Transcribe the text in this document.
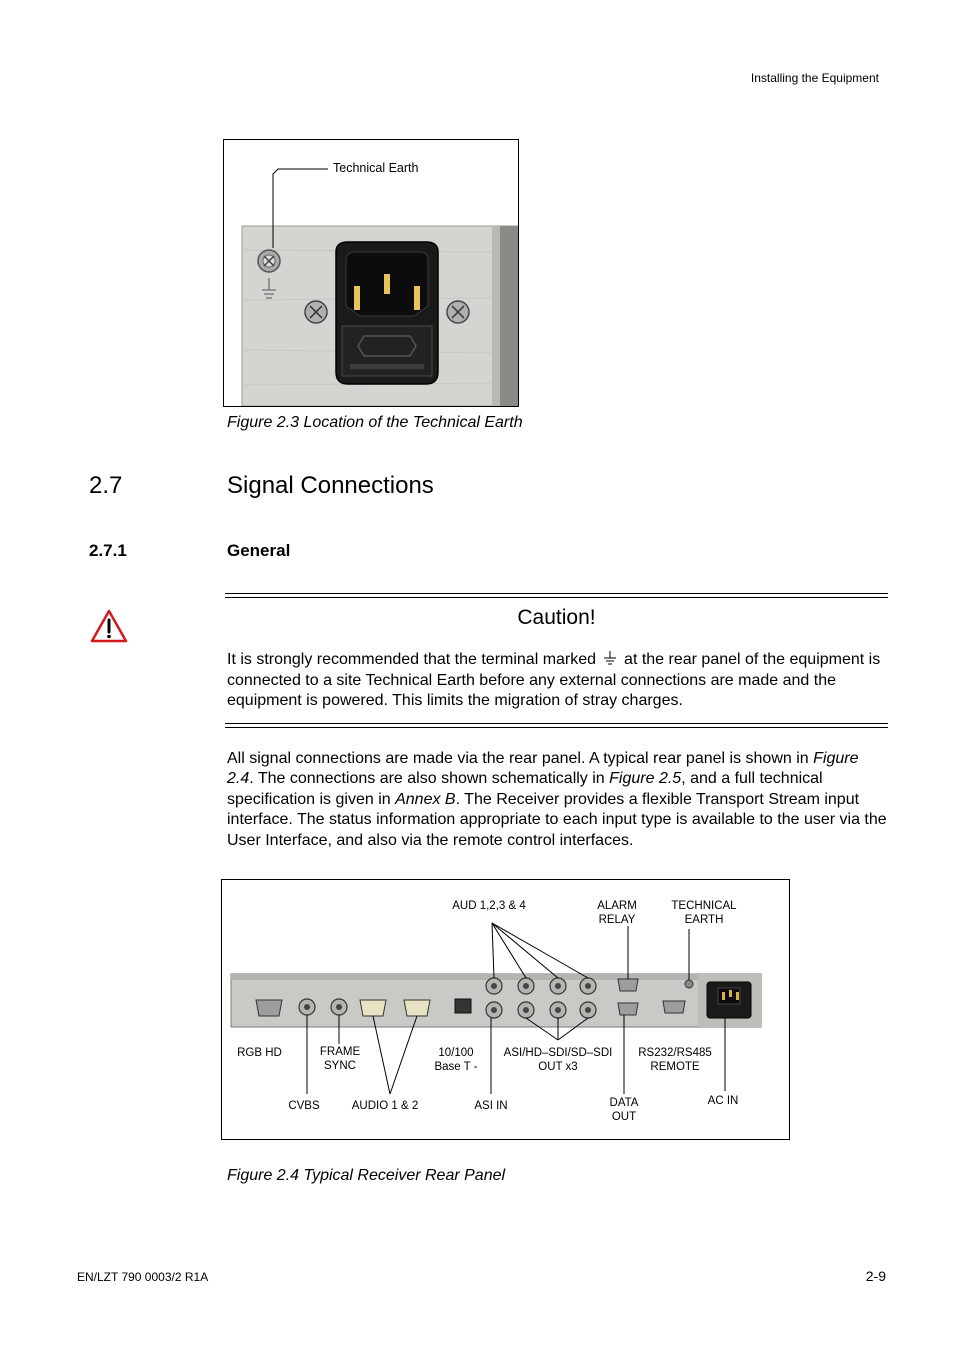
Installing the Equipment
Technical Earth
Figure 2.3 Location of the Technical Earth
2.7	Signal Connections
2.7.1	General
Caution!
It is strongly recommended that the terminal marked at the rear panel of the equipment is connected to a site Technical Earth before any external connections are made and the equipment is powered. This limits the migration of stray charges.
All signal connections are made via the rear panel. A typical rear panel is shown in Figure 2.4. The connections are also shown schematically in Figure 2.5, and a full technical specification is given in Annex B. The Receiver provides a flexible Transport Stream input interface. The status information appropriate to each input type is available to the user via the User Interface, and also via the remote control interfaces.
AUD 1,2,3 & 4	ALARM
RELAY
TECHNICAL
EARTH
RGB HD	FRAME
SYNC
10/100
Base T -
ASI/HD–SDI/SD–SDI
OUT x3
RS232/RS485
REMOTE
CVBS	AUDIO 1 & 2	ASI IN	DATA
OUT
AC IN
Figure 2.4 Typical Receiver Rear Panel
EN/LZT 790 0003/2 R1A	2-9
